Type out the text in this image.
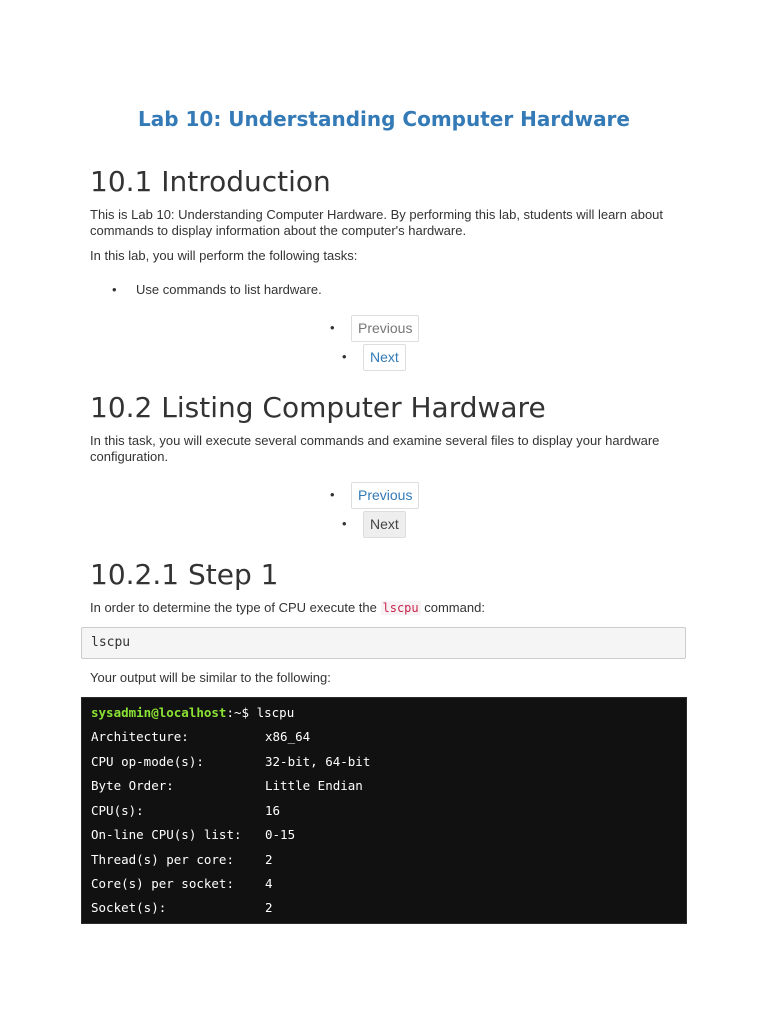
Lab 10: Understanding Computer Hardware
10.1 Introduction

This is Lab 10: Understanding Computer Hardware. By performing this lab, students will learn about commands to display information about the computer's hardware.

In this lab, you will perform the following tasks:

• Use commands to list hardware.
•	Previous
•	Next
10.2 Listing Computer Hardware

In this task, you will execute several commands and examine several files to display your hardware configuration.

•	Previous
•	Next
10.2.1 Step 1

In order to determine the type of CPU execute the lscpu command:

lscpu

Your output will be similar to the following:

sysadmin@localhost:~$ lscpu
Architecture:	x86_64
CPU op-mode(s):	32-bit, 64-bit
Byte Order:	Little Endian
CPU(s):	16
On-line CPU(s) list: 0-15
Thread(s) per core: 2
Core(s) per socket: 4
Socket(s):	2
